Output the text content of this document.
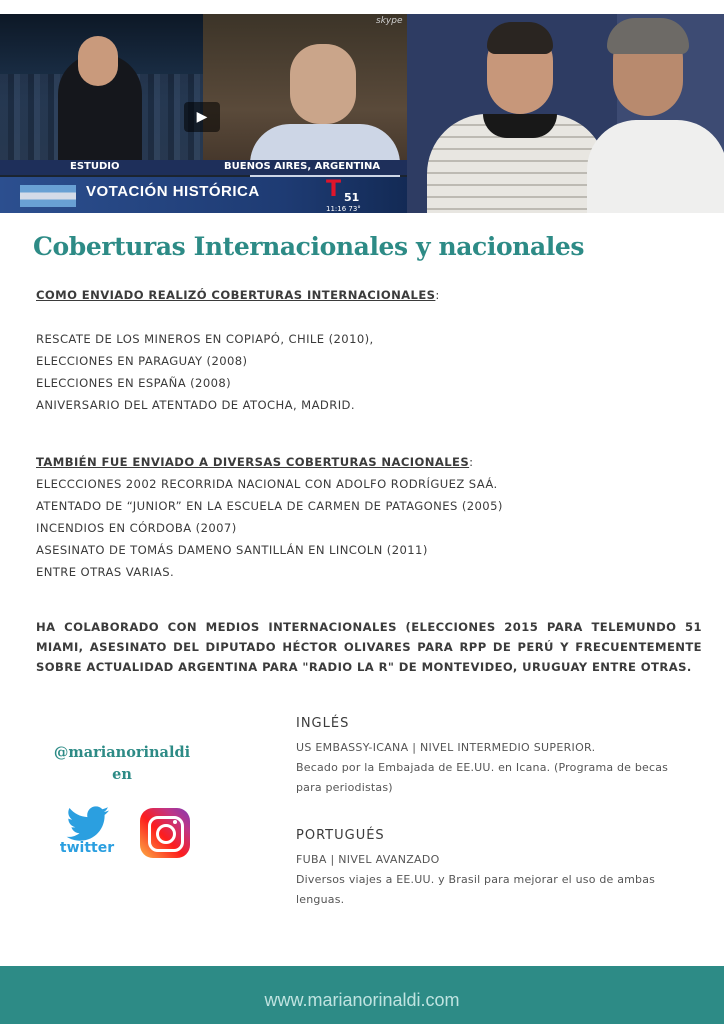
skype
▶
ESTUDIO	BUENOS AIRES, ARGENTINA
VOTACIÓN HISTÓRICA	T 51
11:16 73°
Coberturas Internacionales y nacionales
COMO ENVIADO REALIZÓ COBERTURAS INTERNACIONALES:
RESCATE DE LOS MINEROS EN COPIAPÓ, CHILE (2010),
ELECCIONES EN PARAGUAY (2008)
ELECCIONES EN ESPAÑA (2008)
ANIVERSARIO DEL ATENTADO DE ATOCHA, MADRID.
TAMBIÉN FUE ENVIADO A DIVERSAS COBERTURAS NACIONALES:
ELECCCIONES 2002 RECORRIDA NACIONAL CON ADOLFO RODRÍGUEZ SAÁ.
ATENTADO DE “JUNIOR” EN LA ESCUELA DE CARMEN DE PATAGONES (2005)
INCENDIOS EN CÓRDOBA (2007)
ASESINATO DE TOMÁS DAMENO SANTILLÁN EN LINCOLN (2011)
ENTRE OTRAS VARIAS.
HA COLABORADO CON MEDIOS INTERNACIONALES (ELECCIONES 2015 PARA TELEMUNDO 51 MIAMI, ASESINATO DEL DIPUTADO HÉCTOR OLIVARES PARA RPP DE PERÚ Y FRECUENTEMENTE SOBRE ACTUALIDAD ARGENTINA PARA "RADIO LA R" DE MONTEVIDEO, URUGUAY ENTRE OTRAS.
@marianorinaldi
en
twitter
INGLÉS
US EMBASSY-ICANA | NIVEL INTERMEDIO SUPERIOR.
Becado por la Embajada de EE.UU. en Icana. (Programa de becas para periodistas)
PORTUGUÉS
FUBA | NIVEL AVANZADO
Diversos viajes a EE.UU. y Brasil para mejorar el uso de ambas lenguas.
www.marianorinaldi.com
